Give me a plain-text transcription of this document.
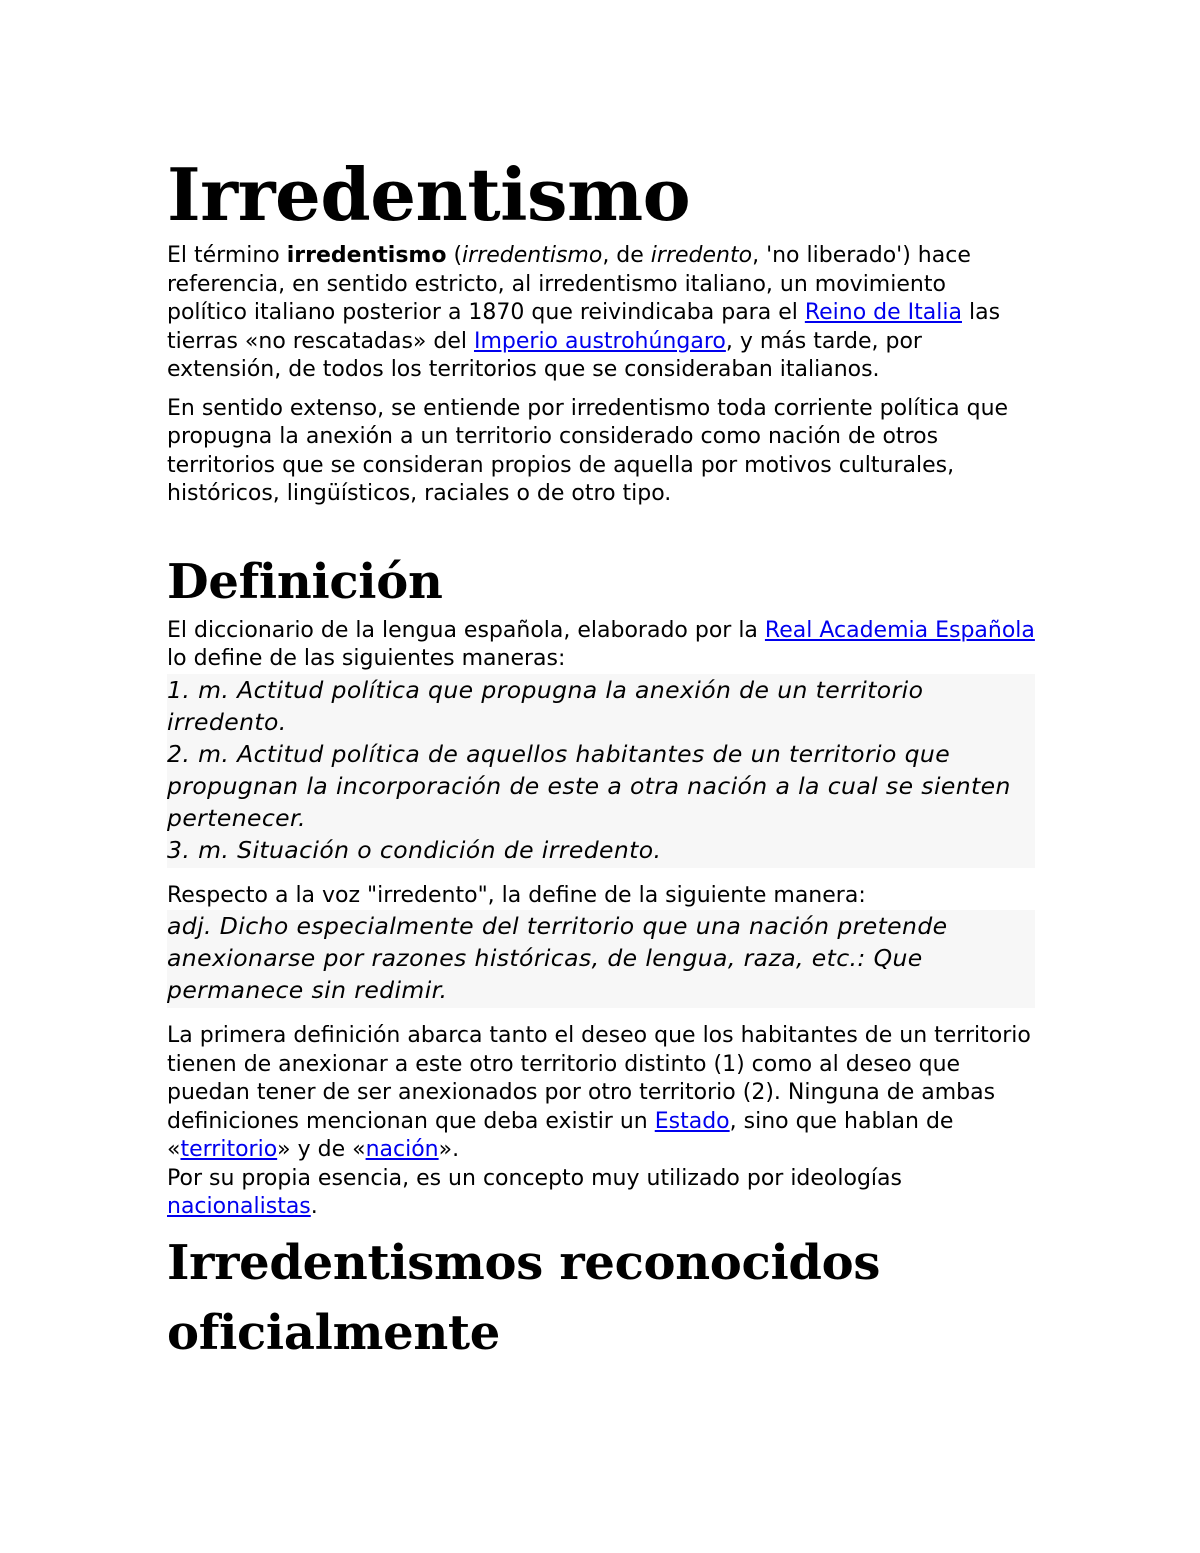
Irredentismo

El término irredentismo (irredentismo, de irredento, 'no liberado') hace referencia, en sentido estricto, al irredentismo italiano, un movimiento político italiano posterior a 1870 que reivindicaba para el Reino de Italia las tierras «no rescatadas» del Imperio austrohúngaro, y más tarde, por extensión, de todos los territorios que se consideraban italianos.

En sentido extenso, se entiende por irredentismo toda corriente política que propugna la anexión a un territorio considerado como nación de otros territorios que se consideran propios de aquella por motivos culturales, históricos, lingüísticos, raciales o de otro tipo.

Definición

El diccionario de la lengua española, elaborado por la Real Academia Española lo define de las siguientes maneras:

1. m. Actitud política que propugna la anexión de un territorio irredento.
2. m. Actitud política de aquellos habitantes de un territorio que propugnan la incorporación de este a otra nación a la cual se sienten pertenecer.
3. m. Situación o condición de irredento.

Respecto a la voz "irredento", la define de la siguiente manera:

adj. Dicho especialmente del territorio que una nación pretende anexionarse por razones históricas, de lengua, raza, etc.: Que permanece sin redimir.

La primera definición abarca tanto el deseo que los habitantes de un territorio tienen de anexionar a este otro territorio distinto (1) como al deseo que puedan tener de ser anexionados por otro territorio (2). Ninguna de ambas definiciones mencionan que deba existir un Estado, sino que hablan de «territorio» y de «nación».
Por su propia esencia, es un concepto muy utilizado por ideologías nacionalistas.

Irredentismos reconocidos oficialmente
